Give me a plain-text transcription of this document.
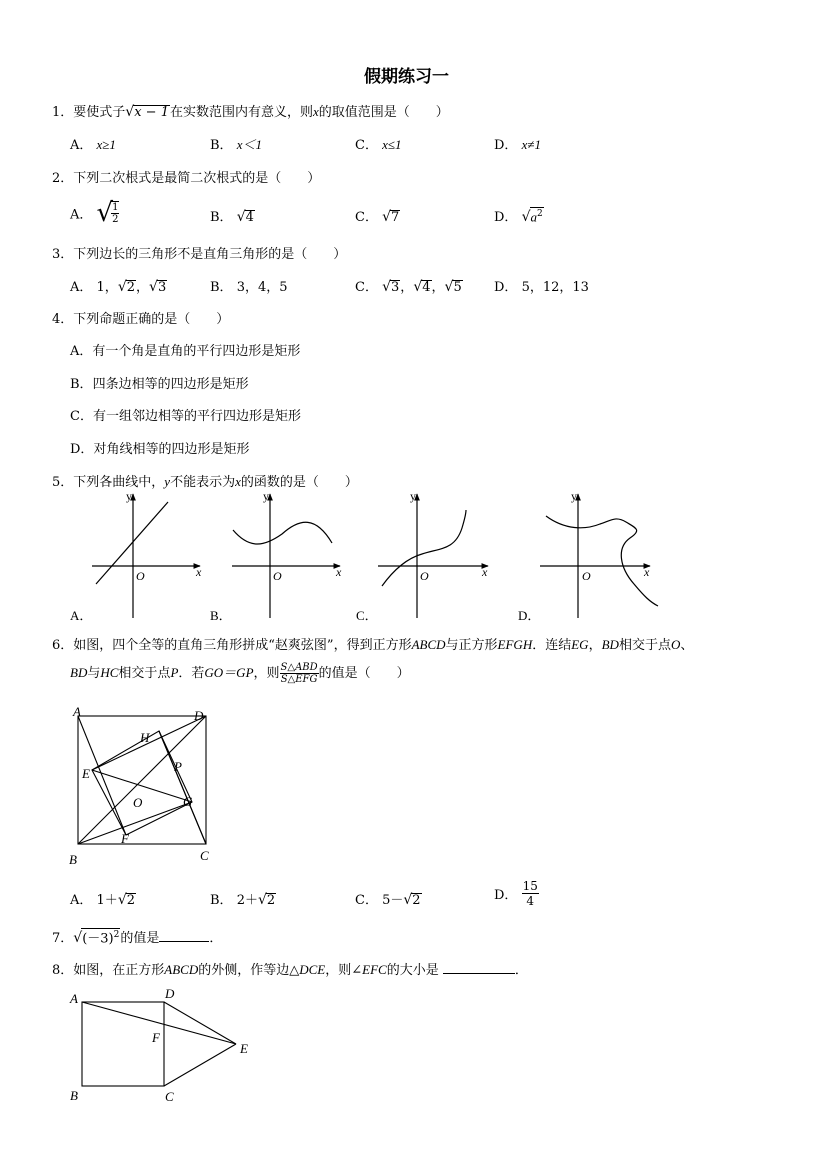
假期练习一
1．要使式子√x − 1在实数范围内有意义，则x的取值范围是（　　）
A． x≥1	B． x＜1	C． x≤1	D． x≠1
2．下列二次根式是最简二次根式的是（　　）
A． √
$\frac{1}{2}$	B． √4	C． √7	D． $√a^2$
3．下列边长的三角形不是直角三角形的是（　　）
A． 1，√2，√3	B． 3，4，5	C． √3，√4，√5 D． 5，12，13
4．下列命题正确的是（　　）
A．有一个角是直角的平行四边形是矩形
B．四条边相等的四边形是矩形
C．有一组邻边相等的平行四边形是矩形
D．对角线相等的四边形是矩形
5．下列各曲线中，y不能表示为x的函数的是（　　）
y
x
O
A．
y
x
O
B．
y
x
O
C．
y
x
O
D．
6．如图，四个全等的直角三角形拼成“赵爽弦图”，得到正方形ABCD与正方形EFGH．连结EG，BD相交于点O、
BD与HC相交于点P．若GO＝GP，则 $\frac{\text{S△ABD}}{\text{S△EFG}}$ 的值是（　　）
A	D
B	C
E
F
G
H
O
P
A． 1＋√2	B． 2＋√2	C． 5－√2	D． $\frac{15}{4}$
7．$√(-3)^2$的值是	．
8．如图，在正方形ABCD的外侧，作等边△DCE，则∠EFC的大小是	．
A	D
B	C
E
F
